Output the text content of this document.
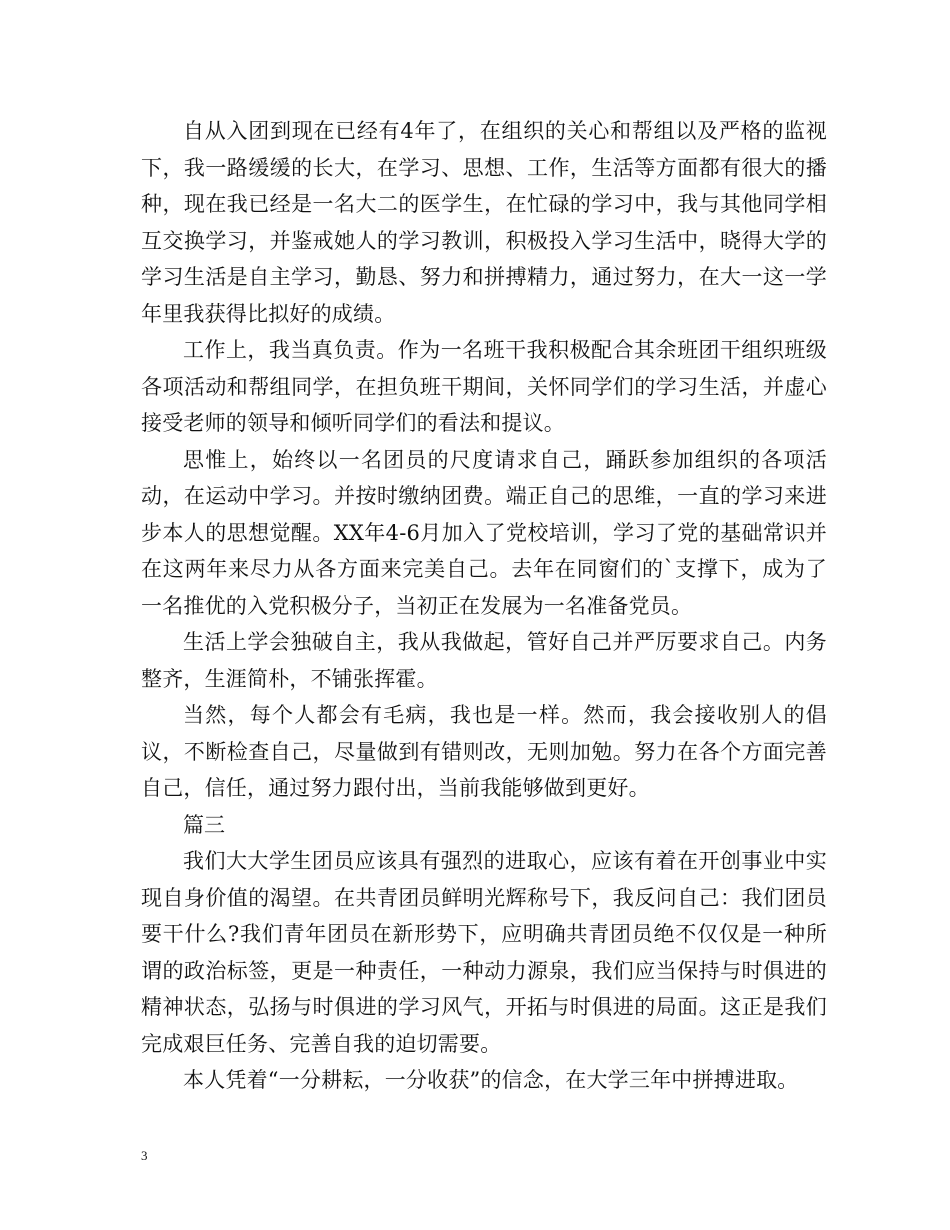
自从入团到现在已经有4年了，在组织的关心和帮组以及严格的监视下，我一路缓缓的长大，在学习、思想、工作，生活等方面都有很大的播种，现在我已经是一名大二的医学生，在忙碌的学习中，我与其他同学相互交换学习，并鉴戒她人的学习教训，积极投入学习生活中，晓得大学的学习生活是自主学习，勤恳、努力和拼搏精力，通过努力，在大一这一学年里我获得比拟好的成绩。

工作上，我当真负责。作为一名班干我积极配合其余班团干组织班级各项活动和帮组同学，在担负班干期间，关怀同学们的学习生活，并虚心接受老师的领导和倾听同学们的看法和提议。

思惟上，始终以一名团员的尺度请求自己，踊跃参加组织的各项活动，在运动中学习。并按时缴纳团费。端正自己的思维，一直的学习来进步本人的思想觉醒。XX年4-6月加入了党校培训，学习了党的基础常识并在这两年来尽力从各方面来完美自己。去年在同窗们的`支撑下，成为了一名推优的入党积极分子，当初正在发展为一名准备党员。

生活上学会独破自主，我从我做起，管好自己并严厉要求自己。内务整齐，生涯简朴，不铺张挥霍。

当然，每个人都会有毛病，我也是一样。然而，我会接收别人的倡议，不断检查自己，尽量做到有错则改，无则加勉。努力在各个方面完善自己，信任，通过努力跟付出，当前我能够做到更好。

篇三

我们大大学生团员应该具有强烈的进取心，应该有着在开创事业中实现自身价值的渴望。在共青团员鲜明光辉称号下，我反问自己：我们团员要干什么?我们青年团员在新形势下，应明确共青团员绝不仅仅是一种所谓的政治标签，更是一种责任，一种动力源泉，我们应当保持与时俱进的精神状态，弘扬与时俱进的学习风气，开拓与时俱进的局面。这正是我们完成艰巨任务、完善自我的迫切需要。

本人凭着“一分耕耘，一分收获”的信念，在大学三年中拼搏进取。

3
